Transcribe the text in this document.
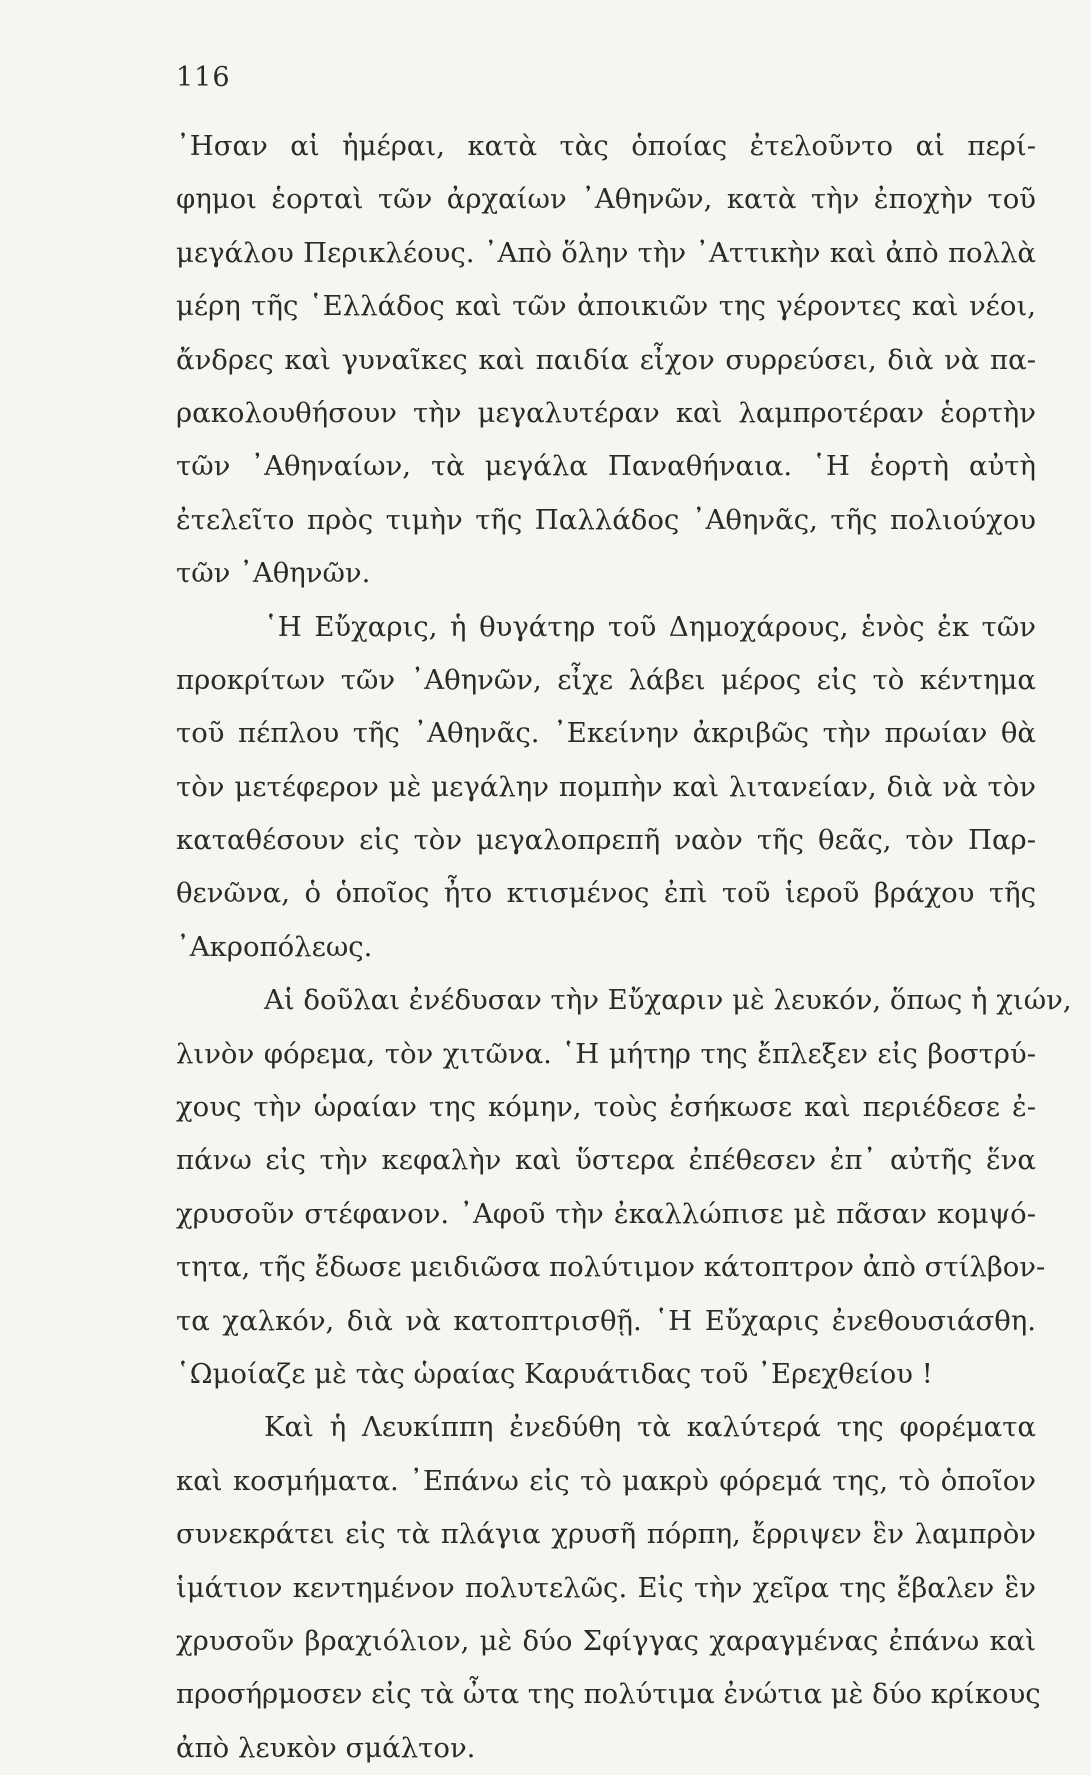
116
᾿Ησαν αἱ ἡμέραι, κατὰ τὰς ὁποίας ἐτελοῦντο αἱ περί-
φημοι ἑορταὶ τῶν ἀρχαίων ᾿Αθηνῶν, κατὰ τὴν ἐποχὴν τοῦ
μεγάλου Περικλέους. ᾿Απὸ ὅλην τὴν ᾿Αττικὴν καὶ ἀπὸ πολλὰ
μέρη τῆς ῾Ελλάδος καὶ τῶν ἀποικιῶν της γέροντες καὶ νέοι,
ἄνδρες καὶ γυναῖκες καὶ παιδία εἶχον συρρεύσει, διὰ νὰ πα-
ρακολουθήσουν τὴν μεγαλυτέραν καὶ λαμπροτέραν ἑορτὴν
τῶν ᾿Αθηναίων, τὰ μεγάλα Παναθήναια. ῾Η ἑορτὴ αὐτὴ
ἐτελεῖτο πρὸς τιμὴν τῆς Παλλάδος ᾿Αθηνᾶς, τῆς πολιούχου
τῶν ᾿Αθηνῶν.
῾Η Εὔχαρις, ἡ θυγάτηρ τοῦ Δημοχάρους, ἑνὸς ἐκ τῶν
προκρίτων τῶν ᾿Αθηνῶν, εἶχε λάβει μέρος εἰς τὸ κέντημα
τοῦ πέπλου τῆς ᾿Αθηνᾶς. ᾿Εκείνην ἀκριβῶς τὴν πρωίαν θὰ
τὸν μετέφερον μὲ μεγάλην πομπὴν καὶ λιτανείαν, διὰ νὰ τὸν
καταθέσουν εἰς τὸν μεγαλοπρεπῆ ναὸν τῆς θεᾶς, τὸν Παρ-
θενῶνα, ὁ ὁποῖος ἦτο κτισμένος ἐπὶ τοῦ ἱεροῦ βράχου τῆς
᾿Ακροπόλεως.
Αἱ δοῦλαι ἐνέδυσαν τὴν Εὔχαριν μὲ λευκόν, ὅπως ἡ χιών,
λινὸν φόρεμα, τὸν χιτῶνα. ῾Η μήτηρ της ἔπλεξεν εἰς βοστρύ-
χους τὴν ὡραίαν της κόμην, τοὺς ἐσήκωσε καὶ περιέδεσε ἐ-
πάνω εἰς τὴν κεφαλὴν καὶ ὕστερα ἐπέθεσεν ἐπ᾿ αὐτῆς ἕνα
χρυσοῦν στέφανον. ᾿Αφοῦ τὴν ἐκαλλώπισε μὲ πᾶσαν κομψό-
τητα, τῆς ἔδωσε μειδιῶσα πολύτιμον κάτοπτρον ἀπὸ στίλβον-
τα χαλκόν, διὰ νὰ κατοπτρισθῇ. ῾Η Εὔχαρις ἐνεθουσιάσθη.
῾Ωμοίαζε μὲ τὰς ὡραίας Καρυάτιδας τοῦ ᾿Ερεχθείου !
Καὶ ἡ Λευκίππη ἐνεδύθη τὰ καλύτερά της φορέματα
καὶ κοσμήματα. ᾿Επάνω εἰς τὸ μακρὺ φόρεμά της, τὸ ὁποῖον
συνεκράτει εἰς τὰ πλάγια χρυσῆ πόρπη, ἔρριψεν ἓν λαμπρὸν
ἱμάτιον κεντημένον πολυτελῶς. Εἰς τὴν χεῖρα της ἔβαλεν ἓν
χρυσοῦν βραχιόλιον, μὲ δύο Σφίγγας χαραγμένας ἐπάνω καὶ
προσήρμοσεν εἰς τὰ ὦτα της πολύτιμα ἐνώτια μὲ δύο κρίκους
ἀπὸ λευκὸν σμάλτον.
